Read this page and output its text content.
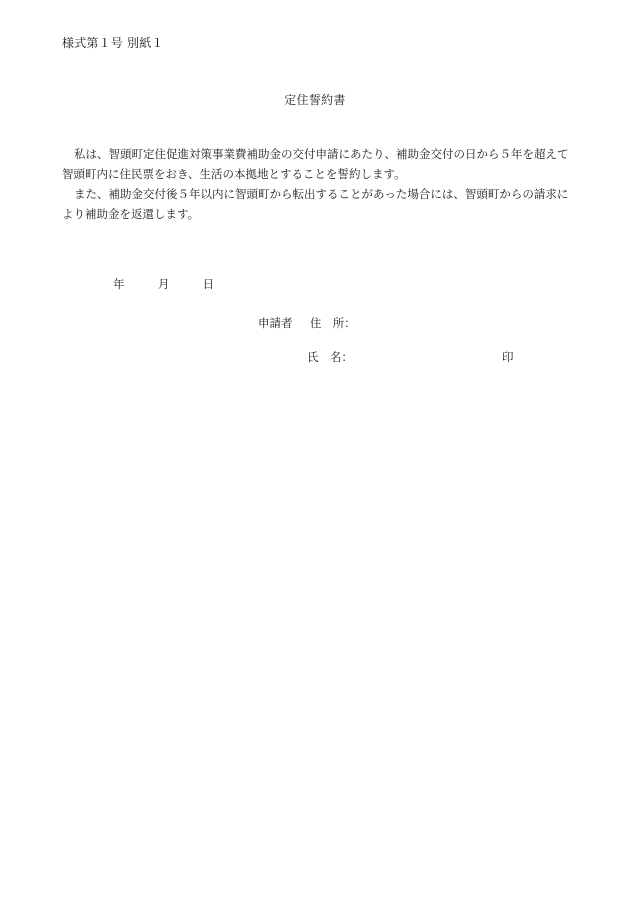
様式第１号 別紙１
定住誓約書

私は、智頭町定住促進対策事業費補助金の交付申請にあたり、補助金交付の日から５年を超えて智頭町内に住民票をおき、生活の本拠地とすることを誓約します。

また、補助金交付後５年以内に智頭町から転出することがあった場合には、智頭町からの請求により補助金を返還します。

年	月	日
申請者 住　所：
氏　名：	印
